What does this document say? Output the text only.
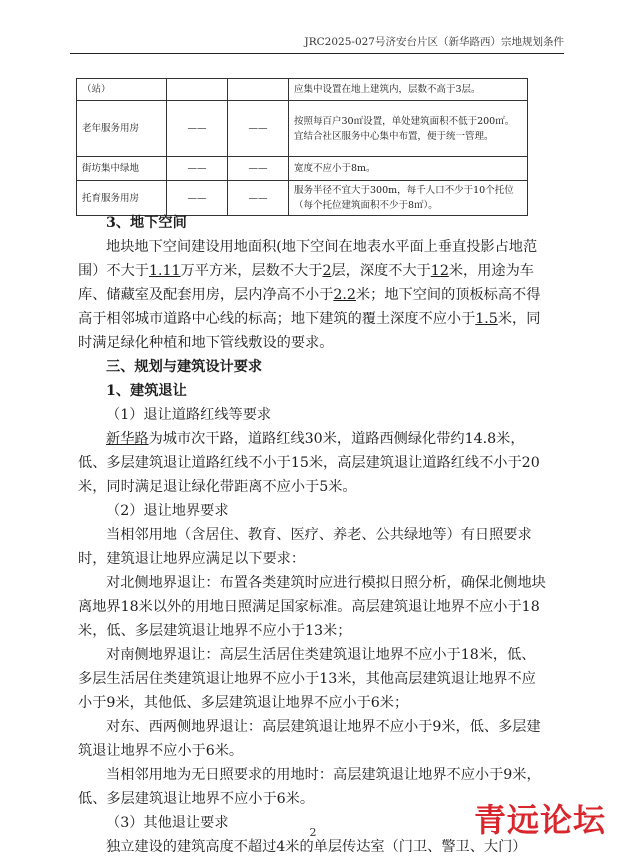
JRC2025-027号济安台片区（新华路西）宗地规划条件
（站）			应集中设置在地上建筑内，层数不高于3层。
老年服务用房	——	——	按照每百户30㎡设置，单处建筑面积不低于200㎡。宜结合社区服务中心集中布置，便于统一管理。
街坊集中绿地	——	——	宽度不应小于8m。
托育服务用房	——	——	服务半径不宜大于300m，每千人口不少于10个托位（每个托位建筑面积不少于8㎡）。

3、地下空间

地块地下空间建设用地面积(地下空间在地表水平面上垂直投影占地范围）不大于1.11万平方米，层数不大于2层，深度不大于12米，用途为车库、储藏室及配套用房，层内净高不小于2.2米；地下空间的顶板标高不得高于相邻城市道路中心线的标高；地下建筑的覆土深度不应小于1.5米，同时满足绿化种植和地下管线敷设的要求。

三、规划与建筑设计要求

1、建筑退让

（1）退让道路红线等要求

新华路为城市次干路，道路红线30米，道路西侧绿化带约14.8米，低、多层建筑退让道路红线不小于15米，高层建筑退让道路红线不小于20米，同时满足退让绿化带距离不应小于5米。

（2）退让地界要求

当相邻用地（含居住、教育、医疗、养老、公共绿地等）有日照要求时，建筑退让地界应满足以下要求：

对北侧地界退让：布置各类建筑时应进行模拟日照分析，确保北侧地块离地界18米以外的用地日照满足国家标准。高层建筑退让地界不应小于18米，低、多层建筑退让地界不应小于13米；

对南侧地界退让：高层生活居住类建筑退让地界不应小于18米，低、多层生活居住类建筑退让地界不应小于13米，其他高层建筑退让地界不应小于9米，其他低、多层建筑退让地界不应小于6米；

对东、西两侧地界退让：高层建筑退让地界不应小于9米，低、多层建筑退让地界不应小于6米。

当相邻用地为无日照要求的用地时：高层建筑退让地界不应小于9米，低、多层建筑退让地界不应小于6米。

（3）其他退让要求

独立建设的建筑高度不超过4米的单层传达室（门卫、警卫、大门）

2	青远论坛
